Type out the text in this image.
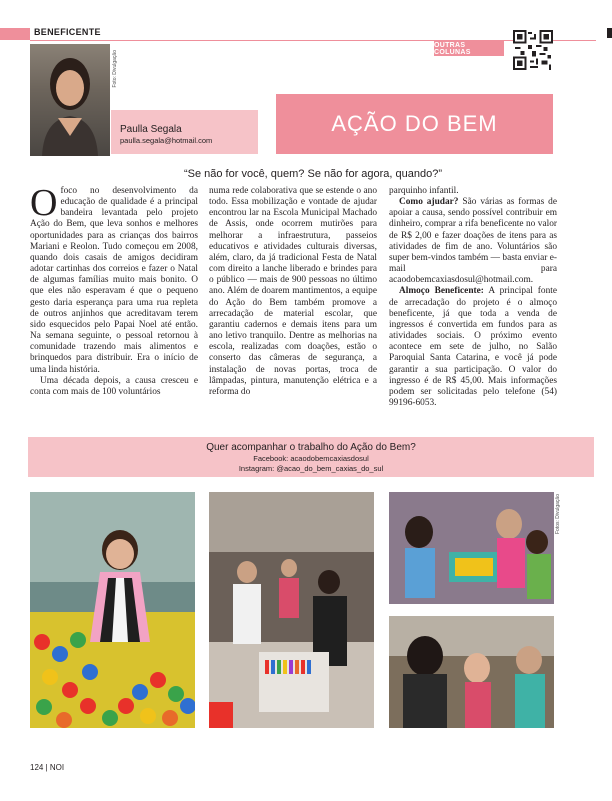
BENEFICENTE
OUTRAS COLUNAS
Foto: Divulgação
Paulla Segala
paulla.segala@hotmail.com
AÇÃO DO BEM
“Se não for você, quem? Se não for agora, quando?”

Ofoco no desenvolvimento da educação de qualidade é a principal bandeira levantada pelo projeto Ação do Bem, que leva sonhos e melhores oportunidades para as crianças dos bairros Mariani e Reolon. Tudo começou em 2008, quando dois casais de amigos decidiram adotar cartinhas dos correios e fazer o Natal de algumas famílias muito mais bonito. O que eles não esperavam é que o pequeno gesto daria esperança para uma rua repleta de outros anjinhos que acreditavam terem sido esquecidos pelo Papai Noel até então. Na semana seguinte, o pessoal retornou à comunidade trazendo mais alimentos e brinquedos para distribuir. Era o início de uma linda história.

Uma década depois, a causa cresceu e conta com mais de 100 voluntários

numa rede colaborativa que se estende o ano todo. Essa mobilização e vontade de ajudar encontrou lar na Escola Municipal Machado de Assis, onde ocorrem mutirões para melhorar a infraestrutura, passeios educativos e atividades culturais diversas, além, claro, da já tradicional Festa de Natal com direito a lanche liberado e brindes para o público — mais de 900 pessoas no último ano. Além de doarem mantimentos, a equipe do Ação do Bem também promove a arrecadação de material escolar, que garantiu cadernos e demais itens para um ano letivo tranquilo. Dentre as melhorias na escola, realizadas com doações, estão o conserto das câmeras de segurança, a instalação de novas portas, troca de lâmpadas, pintura, manutenção elétrica e a reforma do

parquinho infantil.

Como ajudar? São várias as formas de apoiar a causa, sendo possível contribuir em dinheiro, comprar a rifa beneficente no valor de R$ 2,00 e fazer doações de itens para as atividades de fim de ano. Voluntários são super bem-vindos também — basta enviar e-mail para acaodobemcaxiasdosul@hotmail.com.

Almoço Beneficente: A principal fonte de arrecadação do projeto é o almoço beneficente, já que toda a venda de ingressos é convertida em fundos para as atividades sociais. O próximo evento acontece em sete de julho, no Salão Paroquial Santa Catarina, e você já pode garantir a sua participação. O valor do ingresso é de R$ 45,00. Mais informações podem ser solicitadas pelo telefone (54) 99196-6053.

Quer acompanhar o trabalho do Ação do Bem?
Facebook: acaodobemcaxiasdosul
Instagram: @acao_do_bem_caxias_do_sul
Fotos: Divulgação
124 | NOI
